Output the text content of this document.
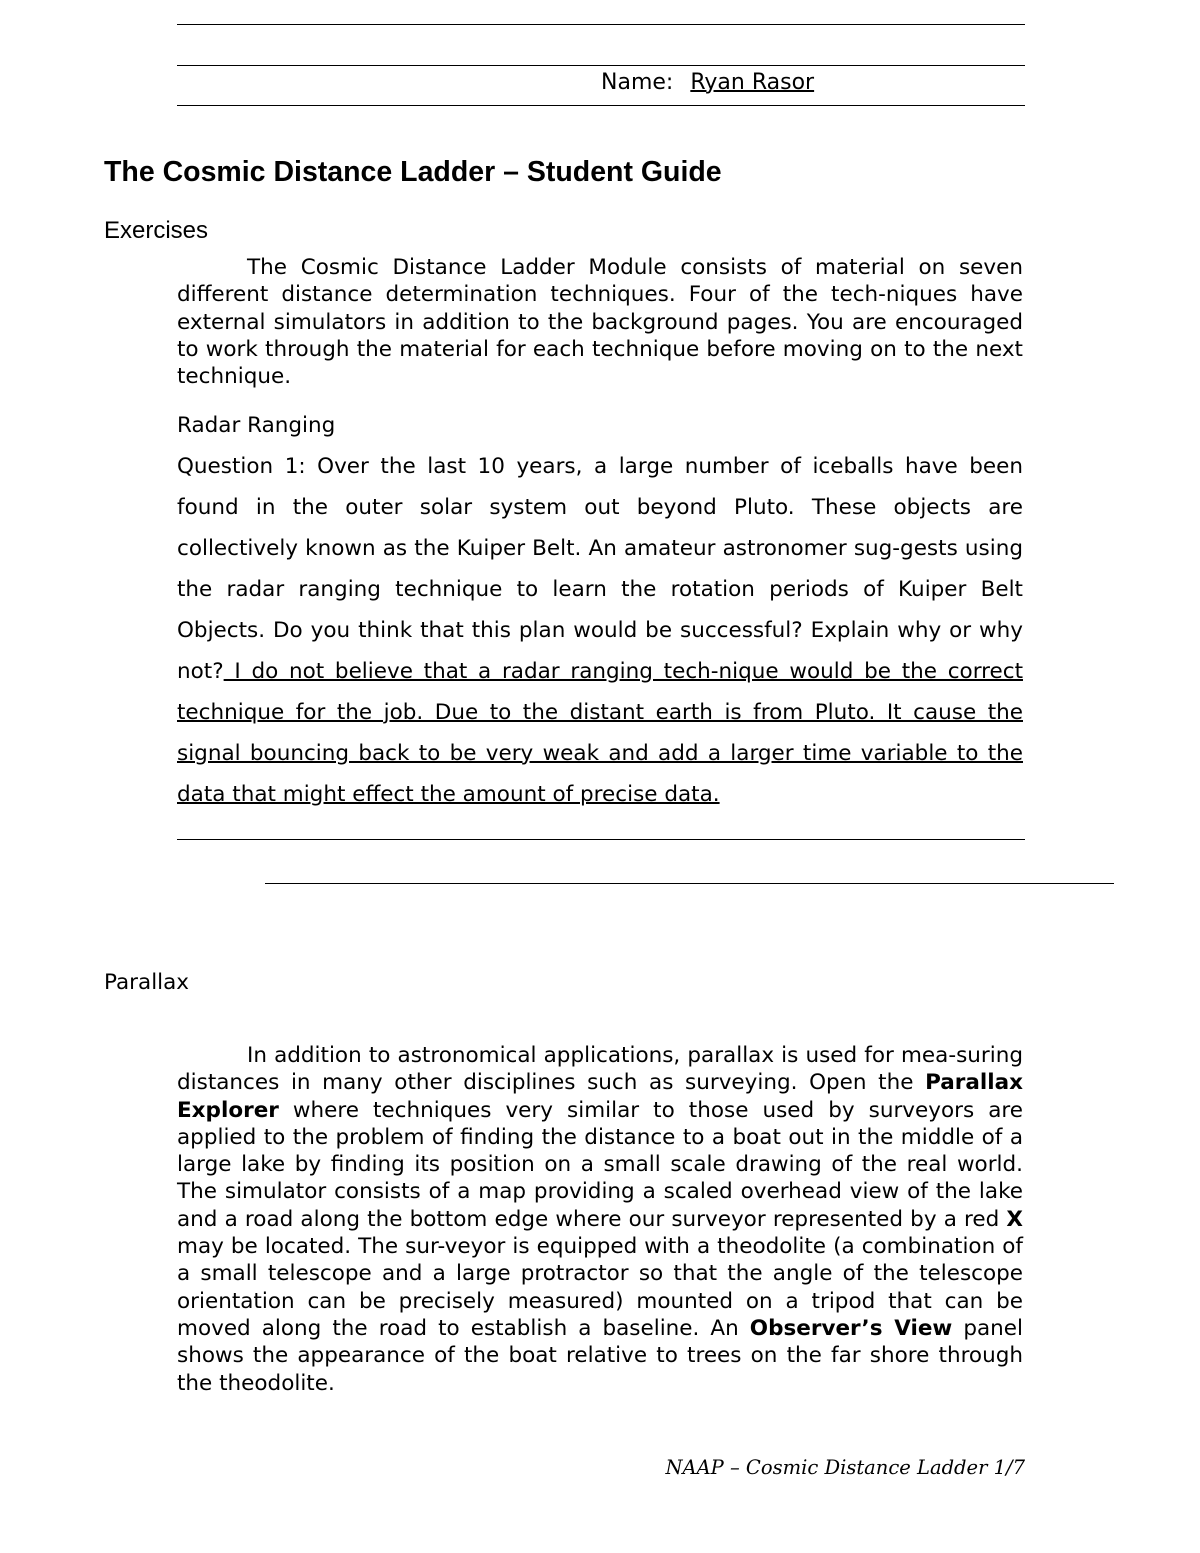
Name: Ryan Rasor
The Cosmic Distance Ladder – Student Guide
Exercises

The Cosmic Distance Ladder Module consists of material on seven different distance determination techniques. Four of the tech-niques have external simulators in addition to the background pages. You are encouraged to work through the material for each technique before moving on to the next technique.

Radar Ranging

Question 1: Over the last 10 years, a large number of iceballs have been found in the outer solar system out beyond Pluto. These objects are collectively known as the Kuiper Belt. An amateur astronomer sug-gests using the radar ranging technique to learn the rotation periods of Kuiper Belt Objects. Do you think that this plan would be successful? Explain why or why not? I do not believe that a radar ranging tech-nique would be the correct technique for the job. Due to the distant earth is from Pluto. It cause the signal bouncing back to be very weak and add a larger time variable to the data that might effect the amount of precise data.

Parallax

In addition to astronomical applications, parallax is used for mea-suring distances in many other disciplines such as surveying. Open the Parallax Explorer where techniques very similar to those used by surveyors are applied to the problem of finding the distance to a boat out in the middle of a large lake by finding its position on a small scale drawing of the real world. The simulator consists of a map providing a scaled overhead view of the lake and a road along the bottom edge where our surveyor represented by a red X may be located. The sur-veyor is equipped with a theodolite (a combination of a small telescope and a large protractor so that the angle of the telescope orientation can be precisely measured) mounted on a tripod that can be moved along the road to establish a baseline. An Observer’s View panel shows the appearance of the boat relative to trees on the far shore through the theodolite.

NAAP – Cosmic Distance Ladder 1/7
